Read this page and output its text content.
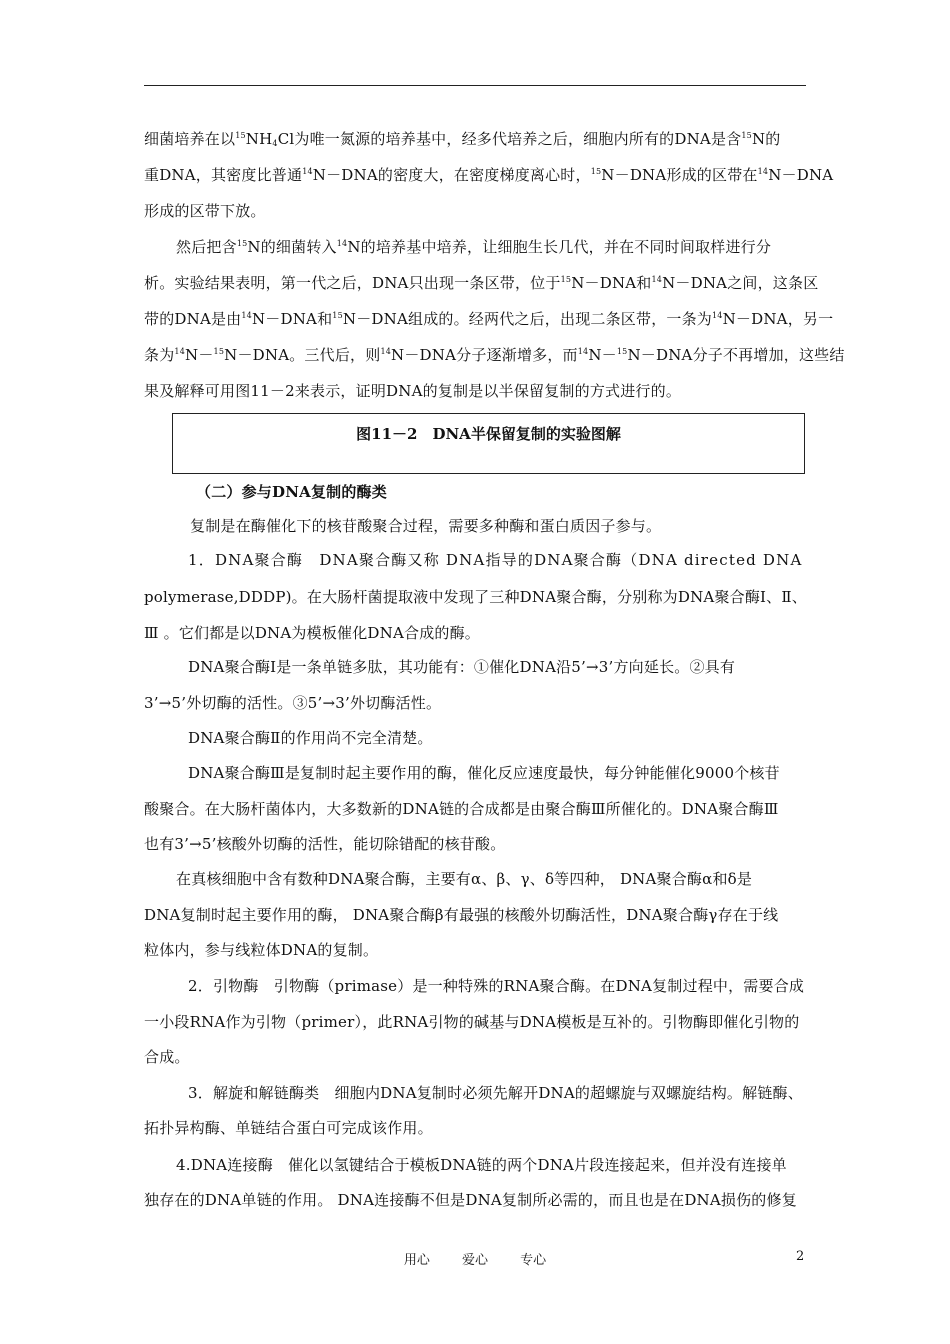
细菌培养在以$^{15}NH_4Cl$为唯一氮源的培养基中，经多代培养之后，细胞内所有的DNA是含$^{15}$N的
重DNA，其密度比普通$^{14}$N－DNA的密度大，在密度梯度离心时，$^{15}$N－DNA形成的区带在$^{14}$N－DNA
形成的区带下放。
然后把含$^{15}$N的细菌转入$^{14}$N的培养基中培养，让细胞生长几代，并在不同时间取样进行分
析。实验结果表明，第一代之后，DNA只出现一条区带，位于$^{15}$N－DNA和$^{14}$N－DNA之间，这条区
带的DNA是由$^{14}$N－DNA和$^{15}$N－DNA组成的。经两代之后，出现二条区带，一条为$^{14}$N－DNA，另一
条为$^{14}$N－$^{15}$N－DNA。三代后，则$^{14}$N－DNA分子逐渐增多，而$^{14}$N－$^{15}$N－DNA分子不再增加，这些结
果及解释可用图11－2来表示，证明DNA的复制是以半保留复制的方式进行的。
图11－2　DNA半保留复制的实验图解
（二）参与DNA复制的酶类
复制是在酶催化下的核苷酸聚合过程，需要多种酶和蛋白质因子参与。
1．DNA聚合酶　DNA聚合酶又称 DNA指导的DNA聚合酶（DNA directed DNA
polymerase,DDDP)。在大肠杆菌提取液中发现了三种DNA聚合酶，分别称为DNA聚合酶Ⅰ、Ⅱ、
Ⅲ 。它们都是以DNA为模板催化DNA合成的酶。
DNA聚合酶Ⅰ是一条单链多肽，其功能有：①催化DNA沿5’→3’方向延长。②具有
3’→5’外切酶的活性。③5’→3’外切酶活性。
DNA聚合酶Ⅱ的作用尚不完全清楚。
DNA聚合酶Ⅲ是复制时起主要作用的酶，催化反应速度最快，每分钟能催化9000个核苷
酸聚合。在大肠杆菌体内，大多数新的DNA链的合成都是由聚合酶Ⅲ所催化的。DNA聚合酶Ⅲ
也有3’→5’核酸外切酶的活性，能切除错配的核苷酸。
在真核细胞中含有数种DNA聚合酶，主要有α、β、γ、δ等四种， DNA聚合酶α和δ是
DNA复制时起主要作用的酶， DNA聚合酶β有最强的核酸外切酶活性，DNA聚合酶γ存在于线
粒体内，参与线粒体DNA的复制。
2．引物酶　引物酶（primase）是一种特殊的RNA聚合酶。在DNA复制过程中，需要合成
一小段RNA作为引物（primer），此RNA引物的碱基与DNA模板是互补的。引物酶即催化引物的
合成。
3．解旋和解链酶类　细胞内DNA复制时必须先解开DNA的超螺旋与双螺旋结构。解链酶、
拓扑异构酶、单链结合蛋白可完成该作用。
4.DNA连接酶　催化以氢键结合于模板DNA链的两个DNA片段连接起来，但并没有连接单
独存在的DNA单链的作用。 DNA连接酶不但是DNA复制所必需的，而且也是在DNA损伤的修复
用心 爱心 专心	2
